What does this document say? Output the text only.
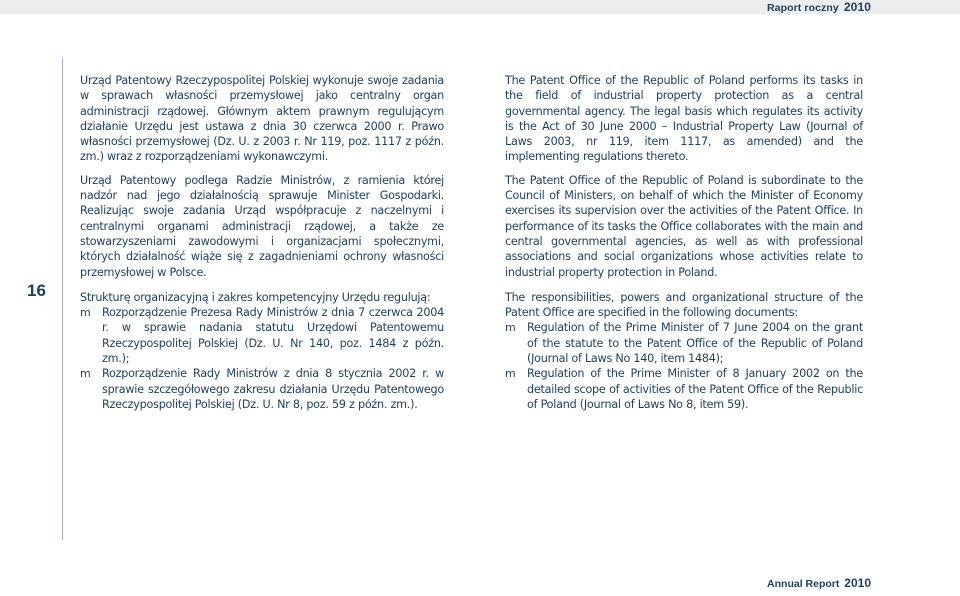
Raport roczny 2010
16

Urząd Patentowy Rzeczypospolitej Polskiej wykonuje swoje zadania w sprawach własności przemysłowej jako centralny organ administracji rządowej. Głównym aktem prawnym regulującym działanie Urzędu jest ustawa z dnia 30 czerwca 2000 r. Prawo własności przemysłowej (Dz. U. z 2003 r. Nr 119, poz. 1117 z późn. zm.) wraz z rozporządzeniami wykonawczymi.

Urząd Patentowy podlega Radzie Ministrów, z ramienia której nadzór nad jego działalnością sprawuje Minister Gospodarki. Realizując swoje zadania Urząd współpracuje z naczelnymi i centralnymi organami administracji rządowej, a także ze stowarzyszeniami zawodowymi i organizacjami społecznymi, których działalność wiąże się z zagadnieniami ochrony własności przemysłowej w Polsce.

Strukturę organizacyjną i zakres kompetencyjny Urzędu regulują:

m Rozporządzenie Prezesa Rady Ministrów z dnia 7 czerwca 2004 r. w sprawie nadania statutu Urzędowi Patentowemu Rzeczypospolitej Polskiej (Dz. U. Nr 140, poz. 1484 z późn. zm.);
m Rozporządzenie Rady Ministrów z dnia 8 stycznia 2002 r. w sprawie szczegółowego zakresu działania Urzędu Patentowego Rzeczypospolitej Polskiej (Dz. U. Nr 8, poz. 59 z późn. zm.).

The Patent Office of the Republic of Poland performs its tasks in the field of industrial property protection as a central governmental agency. The legal basis which regulates its activity is the Act of 30 June 2000 – Industrial Property Law (Journal of Laws 2003, nr 119, item 1117, as amended) and the implementing regulations thereto.

The Patent Office of the Republic of Poland is subordinate to the Council of Ministers, on behalf of which the Minister of Economy exercises its supervision over the activities of the Patent Office. In performance of its tasks the Office collaborates with the main and central governmental agencies, as well as with professional associations and social organizations whose activities relate to industrial property protection in Poland.

The responsibilities, powers and organizational structure of the Patent Office are specified in the following documents:

m Regulation of the Prime Minister of 7 June 2004 on the grant of the statute to the Patent Office of the Republic of Poland (Journal of Laws No 140, item 1484);
m Regulation of the Prime Minister of 8 January 2002 on the detailed scope of activities of the Patent Office of the Republic of Poland (Journal of Laws No 8, item 59).
Annual Report 2010
